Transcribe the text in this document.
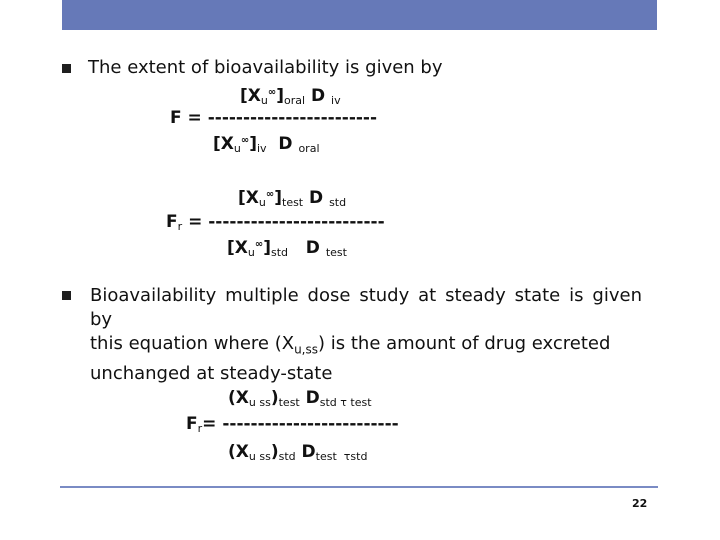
The extent of bioavailability is given by
$[X_u^\infty]_{oral}$ D $_{iv}$
F = ------------------------
$[X_u^\infty]_{iv}$  D $_{oral}$
$[X_u^\infty]_{test}$ D $_{std}$
$F_r$ = -------------------------
$[X_u^\infty]_{std}$   D $_{test}$
Bioavailability multiple dose study at steady state is given by
this equation where $(X_{u,ss})$ is the amount of drug excreted
unchanged at steady-state
$(X_{u ss})_{test}$ $D_{std \tau test}$
$F_r=$ -------------------------
$(X_{u ss})_{std}$ $D_{test \tau std}$
22
